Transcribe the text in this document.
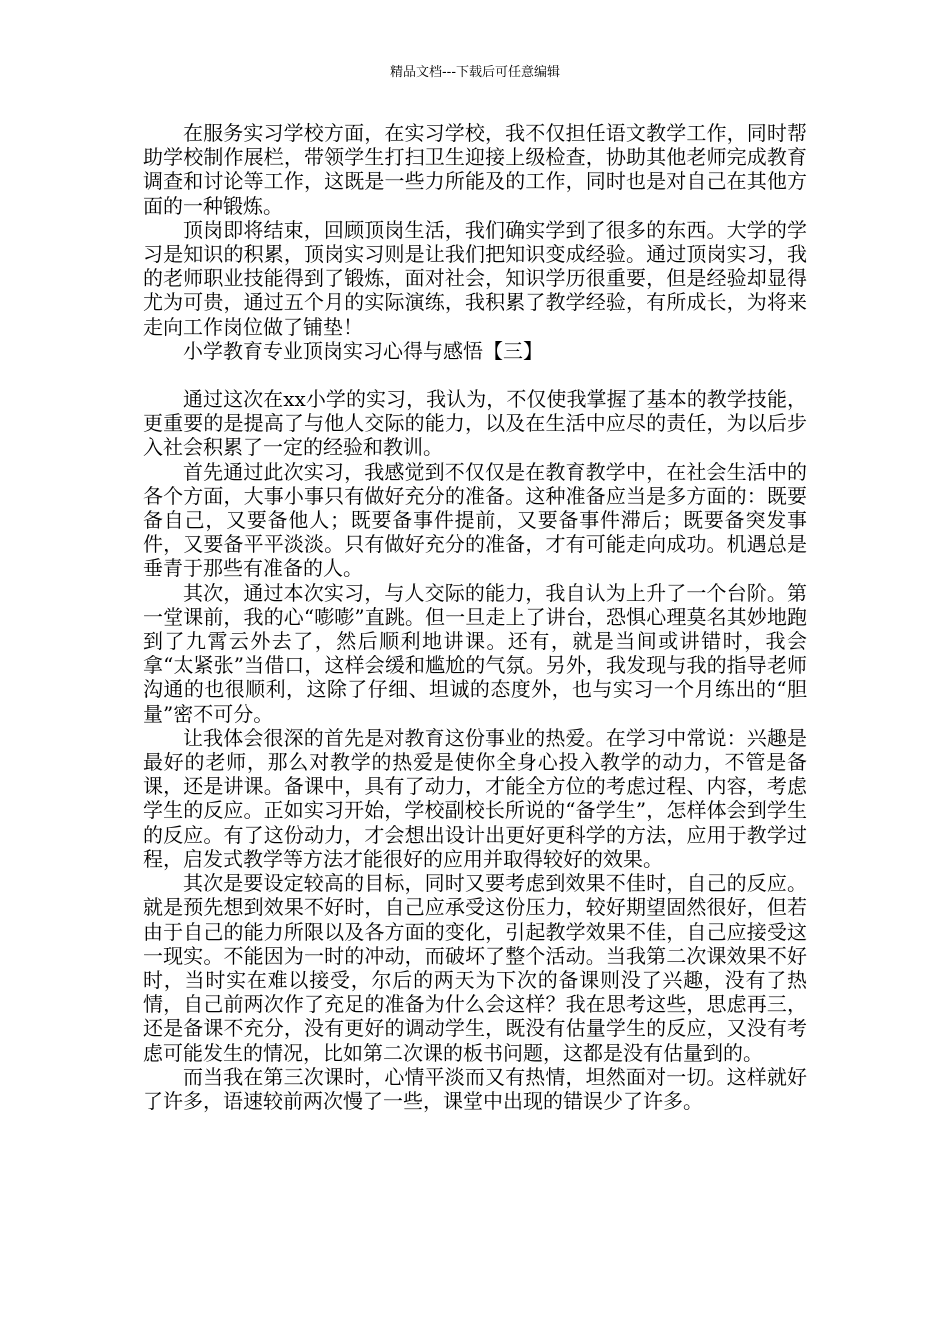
精品文档---下载后可任意编辑

在服务实习学校方面，在实习学校，我不仅担任语文教学工作，同时帮助学校制作展栏，带领学生打扫卫生迎接上级检查，协助其他老师完成教育调查和讨论等工作，这既是一些力所能及的工作，同时也是对自己在其他方面的一种锻炼。

顶岗即将结束，回顾顶岗生活，我们确实学到了很多的东西。大学的学习是知识的积累，顶岗实习则是让我们把知识变成经验。通过顶岗实习，我的老师职业技能得到了锻炼，面对社会，知识学历很重要，但是经验却显得尤为可贵，通过五个月的实际演练，我积累了教学经验，有所成长，为将来走向工作岗位做了铺垫！

小学教育专业顶岗实习心得与感悟【三】

通过这次在xx小学的实习，我认为，不仅使我掌握了基本的教学技能，更重要的是提高了与他人交际的能力，以及在生活中应尽的责任，为以后步入社会积累了一定的经验和教训。

首先通过此次实习，我感觉到不仅仅是在教育教学中，在社会生活中的各个方面，大事小事只有做好充分的准备。这种准备应当是多方面的：既要备自己，又要备他人；既要备事件提前，又要备事件滞后；既要备突发事件，又要备平平淡淡。只有做好充分的准备，才有可能走向成功。机遇总是垂青于那些有准备的人。

其次，通过本次实习，与人交际的能力，我自认为上升了一个台阶。第一堂课前，我的心“嘭嘭”直跳。但一旦走上了讲台，恐惧心理莫名其妙地跑到了九霄云外去了，然后顺利地讲课。还有，就是当间或讲错时，我会拿“太紧张”当借口，这样会缓和尴尬的气氛。另外，我发现与我的指导老师沟通的也很顺利，这除了仔细、坦诚的态度外，也与实习一个月练出的“胆量”密不可分。

让我体会很深的首先是对教育这份事业的热爱。在学习中常说：兴趣是最好的老师，那么对教学的热爱是使你全身心投入教学的动力，不管是备课，还是讲课。备课中，具有了动力，才能全方位的考虑过程、内容，考虑学生的反应。正如实习开始，学校副校长所说的“备学生”，怎样体会到学生的反应。有了这份动力，才会想出设计出更好更科学的方法，应用于教学过程，启发式教学等方法才能很好的应用并取得较好的效果。

其次是要设定较高的目标，同时又要考虑到效果不佳时，自己的反应。就是预先想到效果不好时，自己应承受这份压力，较好期望固然很好，但若由于自己的能力所限以及各方面的变化，引起教学效果不佳，自己应接受这一现实。不能因为一时的冲动，而破坏了整个活动。当我第二次课效果不好时，当时实在难以接受，尔后的两天为下次的备课则没了兴趣，没有了热情，自己前两次作了充足的准备为什么会这样？我在思考这些，思虑再三，还是备课不充分，没有更好的调动学生，既没有估量学生的反应，又没有考虑可能发生的情况，比如第二次课的板书问题，这都是没有估量到的。

而当我在第三次课时，心情平淡而又有热情，坦然面对一切。这样就好了许多，语速较前两次慢了一些，课堂中出现的错误少了许多。
